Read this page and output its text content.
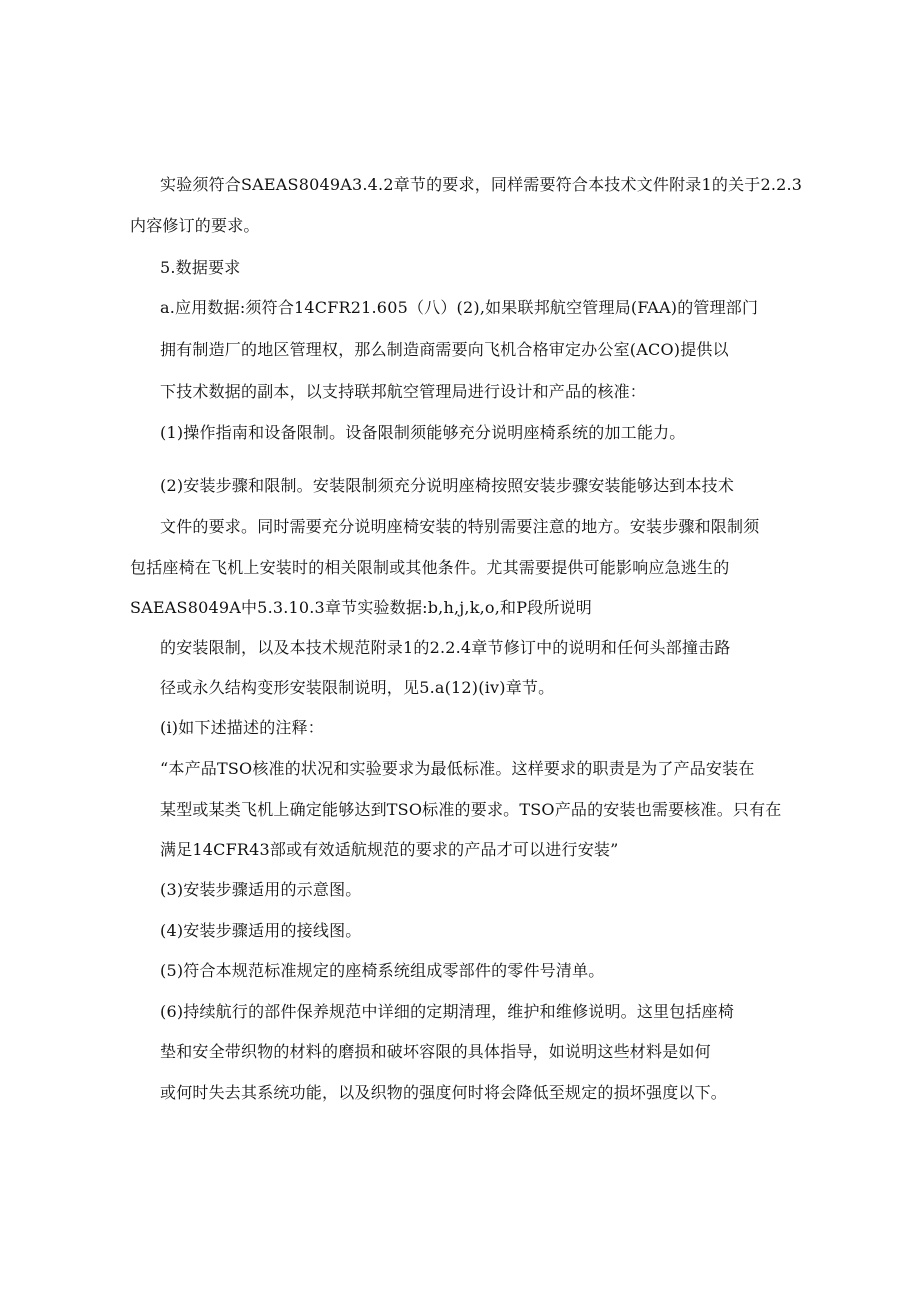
实验须符合SAEAS8049A3.4.2章节的要求，同样需要符合本技术文件附录1的关于2.2.3

内容修订的要求。

5.数据要求

a.应用数据:须符合14CFR21.605（八）(2),如果联邦航空管理局(FAA)的管理部门

拥有制造厂的地区管理权，那么制造商需要向飞机合格审定办公室(ACO)提供以

下技术数据的副本，以支持联邦航空管理局进行设计和产品的核准：

(1)操作指南和设备限制。设备限制须能够充分说明座椅系统的加工能力。

(2)安装步骤和限制。安装限制须充分说明座椅按照安装步骤安装能够达到本技术

文件的要求。同时需要充分说明座椅安装的特别需要注意的地方。安装步骤和限制须

包括座椅在飞机上安装时的相关限制或其他条件。尤其需要提供可能影响应急逃生的

SAEAS8049A中5.3.10.3章节实验数据:b,h,j,k,o,和P段所说明

的安装限制，以及本技术规范附录1的2.2.4章节修订中的说明和任何头部撞击路

径或永久结构变形安装限制说明，见5.a(12)(iv)章节。

(i)如下述描述的注释：

“本产品TSO核准的状况和实验要求为最低标准。这样要求的职责是为了产品安装在

某型或某类飞机上确定能够达到TSO标准的要求。TSO产品的安装也需要核准。只有在

满足14CFR43部或有效适航规范的要求的产品才可以进行安装”

(3)安装步骤适用的示意图。

(4)安装步骤适用的接线图。

(5)符合本规范标准规定的座椅系统组成零部件的零件号清单。

(6)持续航行的部件保养规范中详细的定期清理，维护和维修说明。这里包括座椅

垫和安全带织物的材料的磨损和破坏容限的具体指导，如说明这些材料是如何

或何时失去其系统功能，以及织物的强度何时将会降低至规定的损坏强度以下。
